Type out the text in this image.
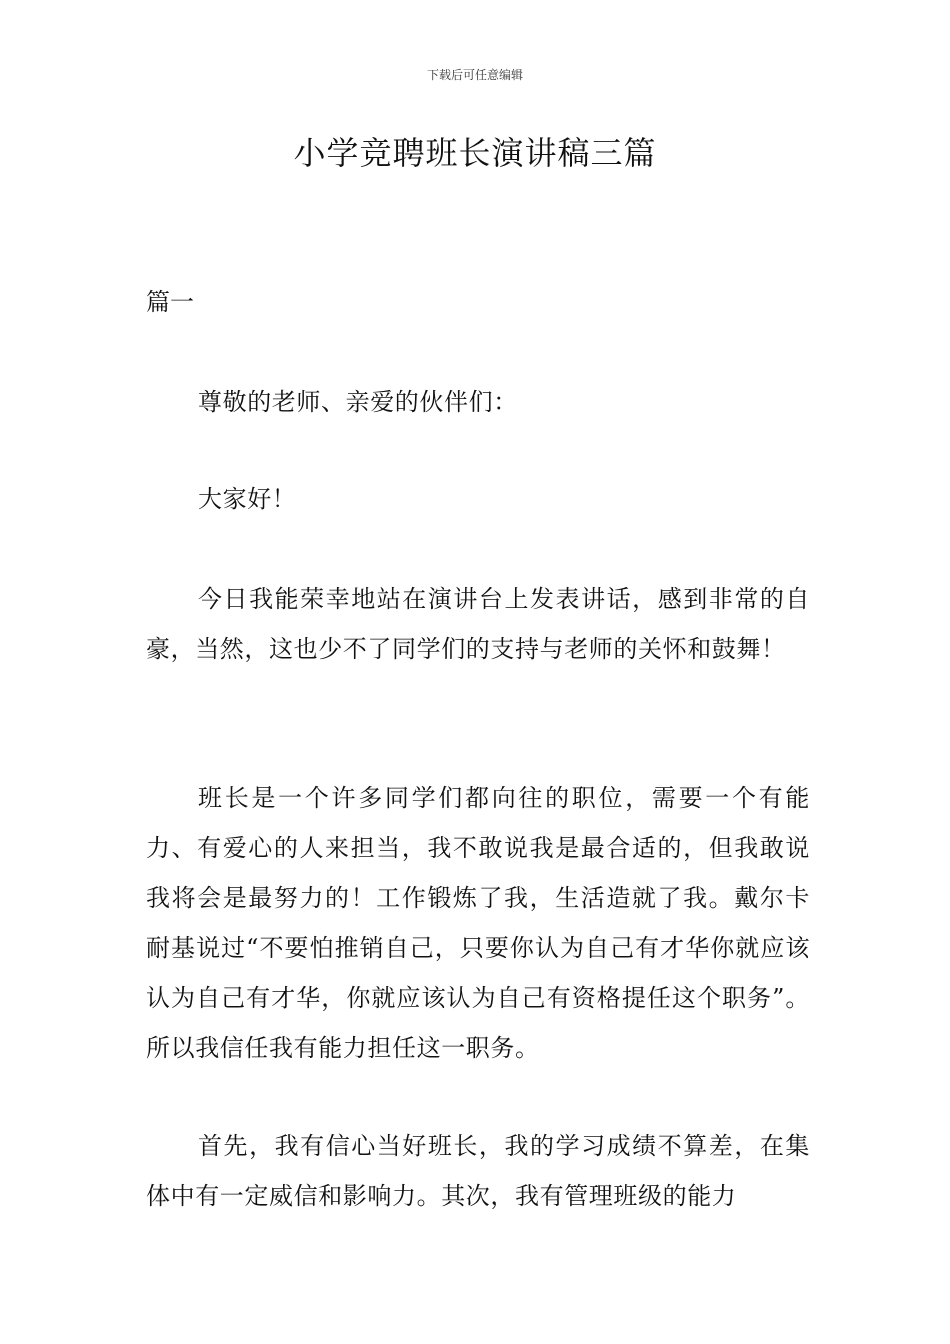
下载后可任意编辑
小学竞聘班长演讲稿三篇
篇一

尊敬的老师、亲爱的伙伴们：

大家好！

今日我能荣幸地站在演讲台上发表讲话，感到非常的自豪，当然，这也少不了同学们的支持与老师的关怀和鼓舞！

班长是一个许多同学们都向往的职位，需要一个有能力、有爱心的人来担当，我不敢说我是最合适的，但我敢说我将会是最努力的！工作锻炼了我，生活造就了我。戴尔卡耐基说过“不要怕推销自己，只要你认为自己有才华你就应该认为自己有才华，你就应该认为自己有资格提任这个职务”。所以我信任我有能力担任这一职务。

首先，我有信心当好班长，我的学习成绩不算差，在集体中有一定威信和影响力。其次，我有管理班级的能力
